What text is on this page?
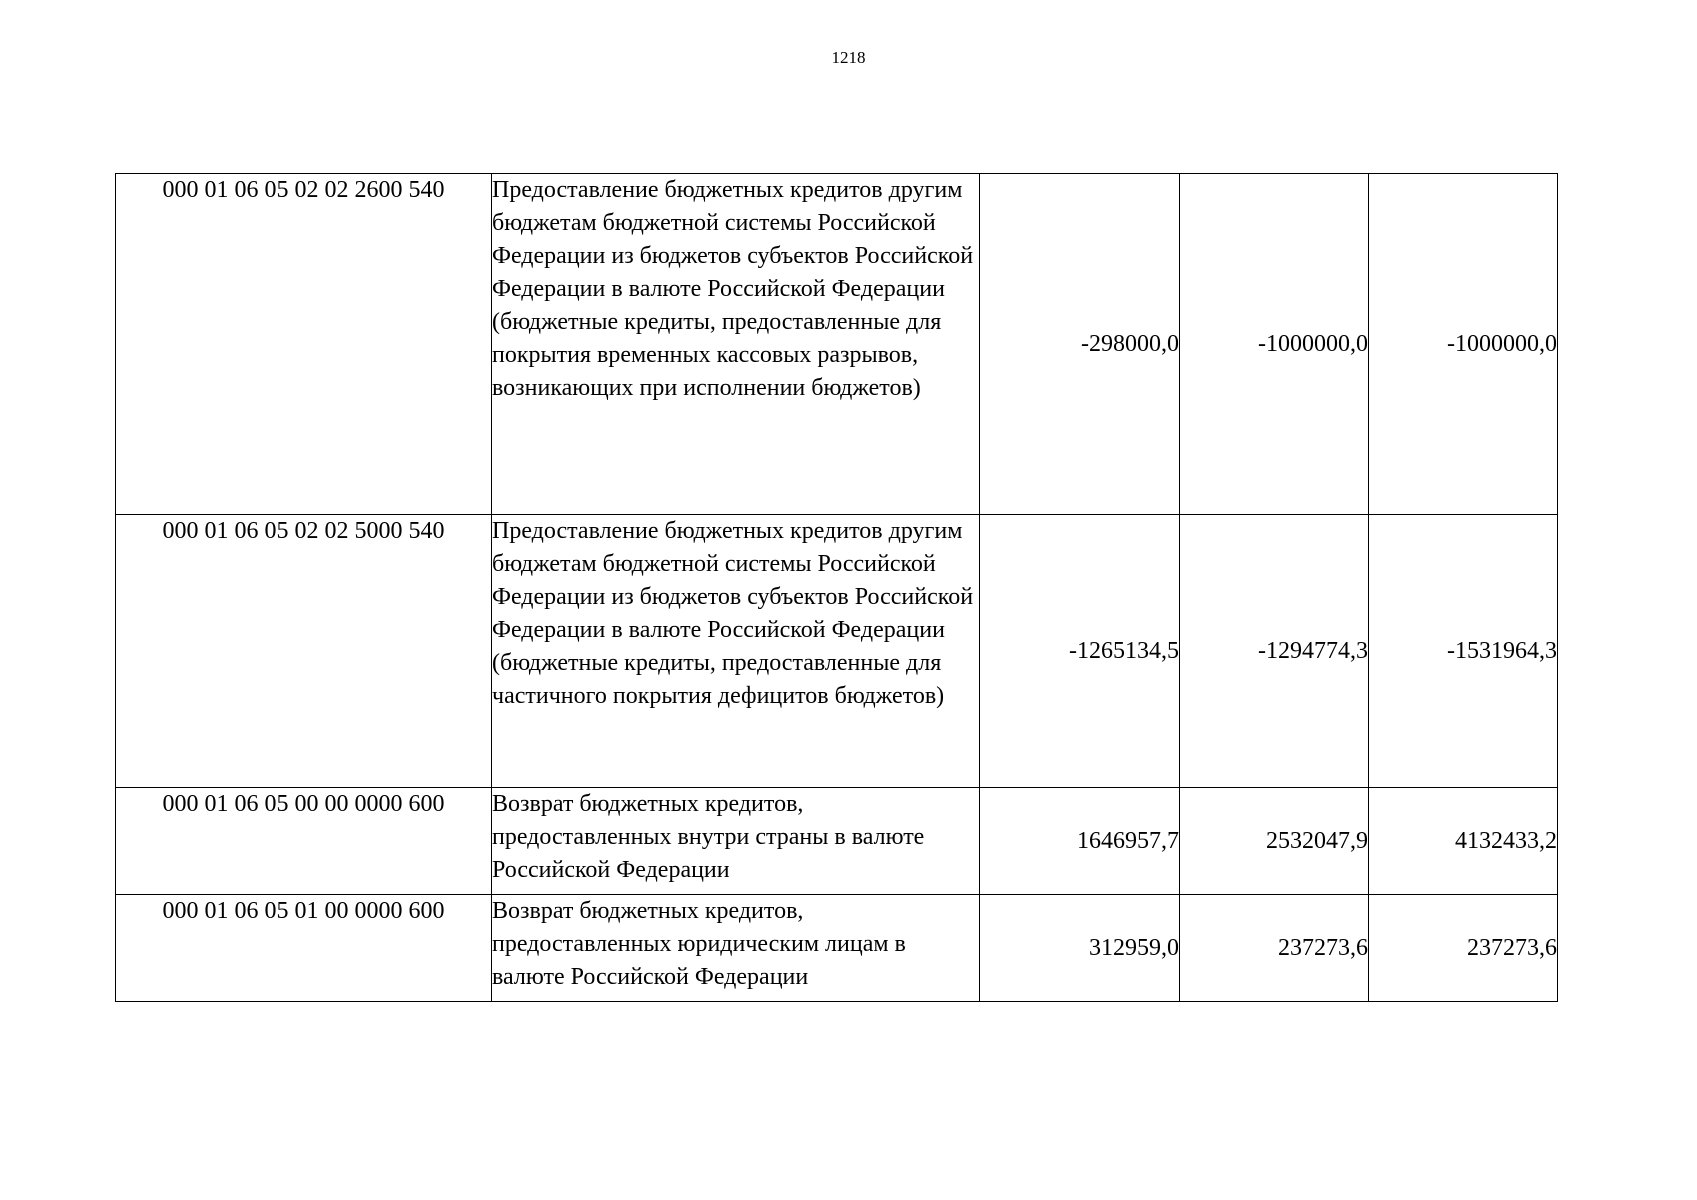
1218
000 01 06 05 02 02 2600 540	Предоставление бюджетных кредитов другим бюджетам бюджетной системы Российской Федерации из бюджетов субъектов Российской Федерации в валюте Российской Федерации (бюджетные кредиты, предоставленные для покрытия временных кассовых разрывов, возникающих при исполнении бюджетов)	-298000,0	-1000000,0	-1000000,0
000 01 06 05 02 02 5000 540	Предоставление бюджетных кредитов другим бюджетам бюджетной системы Российской Федерации из бюджетов субъектов Российской Федерации в валюте Российской Федерации (бюджетные кредиты, предоставленные для частичного покрытия дефицитов бюджетов)	-1265134,5	-1294774,3	-1531964,3
000 01 06 05 00 00 0000 600	Возврат бюджетных кредитов, предоставленных внутри страны в валюте Российской Федерации	1646957,7	2532047,9	4132433,2
000 01 06 05 01 00 0000 600	Возврат бюджетных кредитов, предоставленных юридическим лицам в валюте Российской Федерации	312959,0	237273,6	237273,6
